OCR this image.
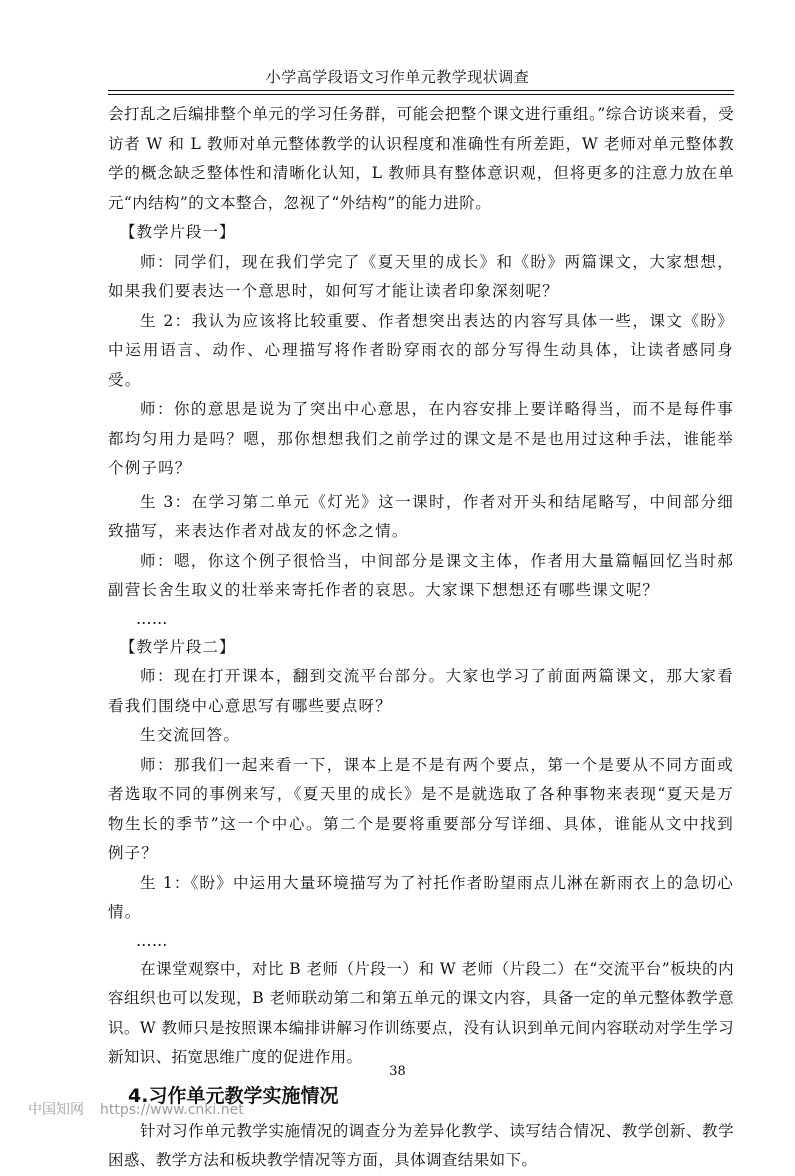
小学高学段语文习作单元教学现状调查

会打乱之后编排整个单元的学习任务群，可能会把整个课文进行重组。”综合访谈来看，受访者 W 和 L 教师对单元整体教学的认识程度和准确性有所差距，W 老师对单元整体教学的概念缺乏整体性和清晰化认知，L 教师具有整体意识观，但将更多的注意力放在单元“内结构”的文本整合，忽视了“外结构”的能力进阶。

【教学片段一】

师：同学们，现在我们学完了《夏天里的成长》和《盼》两篇课文，大家想想，如果我们要表达一个意思时，如何写才能让读者印象深刻呢？

生 2：我认为应该将比较重要、作者想突出表达的内容写具体一些，课文《盼》中运用语言、动作、心理描写将作者盼穿雨衣的部分写得生动具体，让读者感同身受。

师：你的意思是说为了突出中心意思，在内容安排上要详略得当，而不是每件事都均匀用力是吗？嗯，那你想想我们之前学过的课文是不是也用过这种手法，谁能举个例子吗？

生 3：在学习第二单元《灯光》这一课时，作者对开头和结尾略写，中间部分细致描写，来表达作者对战友的怀念之情。

师：嗯，你这个例子很恰当，中间部分是课文主体，作者用大量篇幅回忆当时郝副营长舍生取义的壮举来寄托作者的哀思。大家课下想想还有哪些课文呢？

……

【教学片段二】

师：现在打开课本，翻到交流平台部分。大家也学习了前面两篇课文，那大家看看我们围绕中心意思写有哪些要点呀？

生交流回答。

师：那我们一起来看一下，课本上是不是有两个要点，第一个是要从不同方面或者选取不同的事例来写，《夏天里的成长》是不是就选取了各种事物来表现“夏天是万物生长的季节”这一个中心。第二个是要将重要部分写详细、具体，谁能从文中找到例子？

生 1：《盼》中运用大量环境描写为了衬托作者盼望雨点儿淋在新雨衣上的急切心情。

……

在课堂观察中，对比 B 老师（片段一）和 W 老师（片段二）在“交流平台”板块的内容组织也可以发现，B 老师联动第二和第五单元的课文内容，具备一定的单元整体教学意识。W 教师只是按照课本编排讲解习作训练要点，没有认识到单元间内容联动对学生学习新知识、拓宽思维广度的促进作用。

4.习作单元教学实施情况

针对习作单元教学实施情况的调查分为差异化教学、读写结合情况、教学创新、教学困惑、教学方法和板块教学情况等方面，具体调查结果如下。

38
中国知网 https://www.cnki.net
